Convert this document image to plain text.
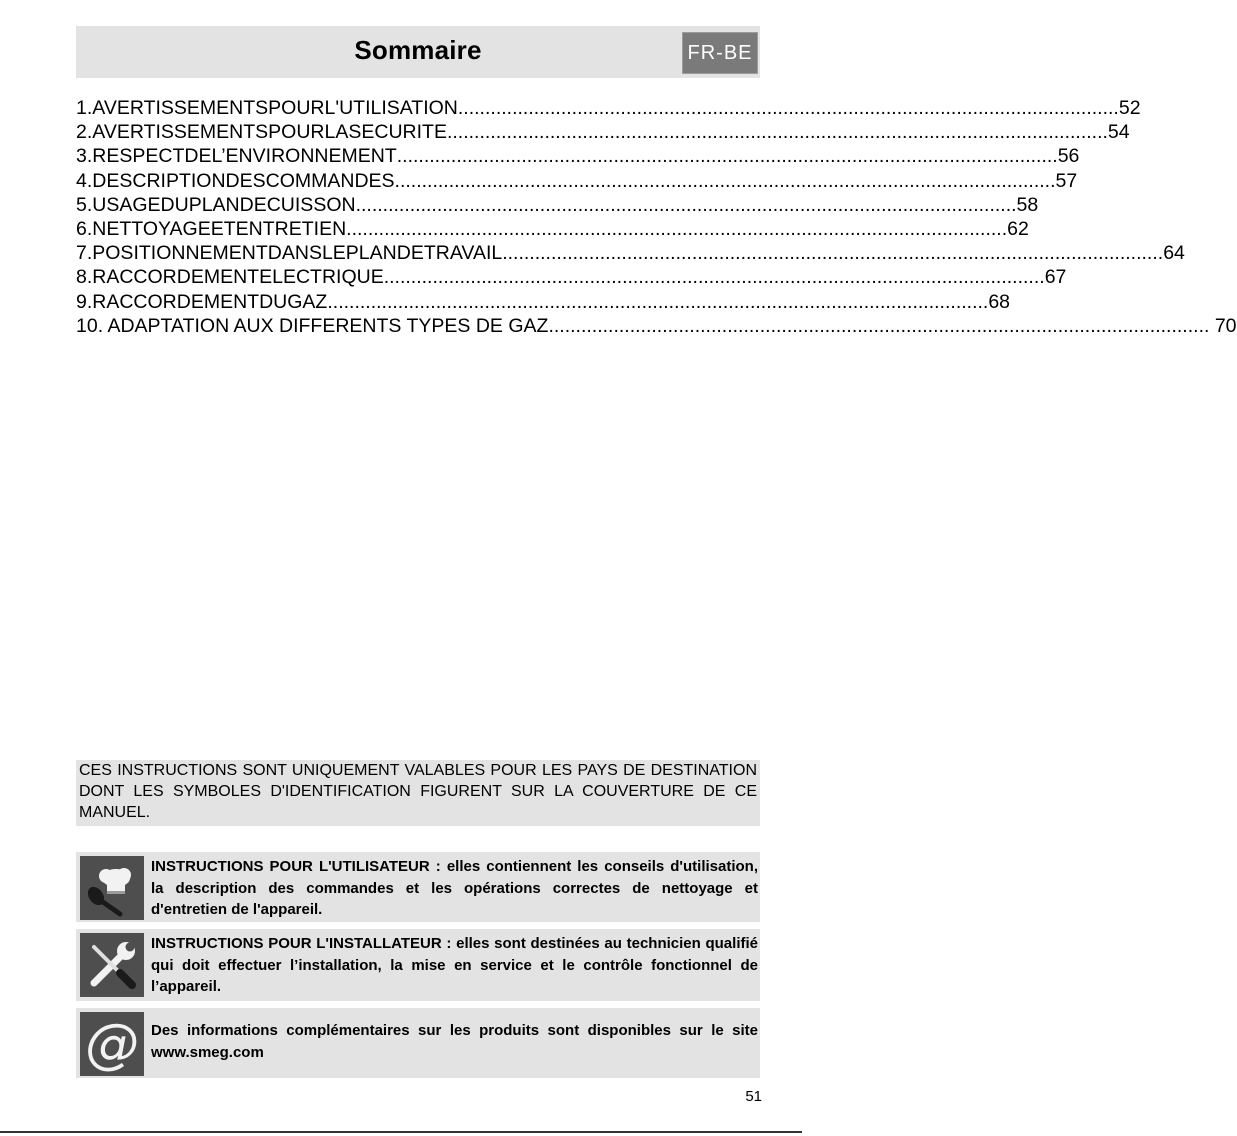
Sommaire	FR-BE
1.AVERTISSEMENTSPOURL'UTILISATION .......................................................................................................................... 52
2.AVERTISSEMENTSPOURLASECURITE .......................................................................................................................... 54
3.RESPECTDEL’ENVIRONNEMENT .......................................................................................................................... 56
4.DESCRIPTIONDESCOMMANDES .......................................................................................................................... 57
5.USAGEDUPLANDECUISSON .......................................................................................................................... 58
6.NETTOYAGEETENTRETIEN .......................................................................................................................... 62
7.POSITIONNEMENTDANSLEPLANDETRAVAIL .......................................................................................................................... 64
8.RACCORDEMENTELECTRIQUE .......................................................................................................................... 67
9.RACCORDEMENTDUGAZ .......................................................................................................................... 68
10. ADAPTATION AUX DIFFERENTS TYPES DE GAZ .......................................................................................................................... 70
CES INSTRUCTIONS SONT UNIQUEMENT VALABLES POUR LES PAYS DE DESTINATION DONT LES SYMBOLES D'IDENTIFICATION FIGURENT SUR LA COUVERTURE DE CE MANUEL.
INSTRUCTIONS POUR L'UTILISATEUR : elles contiennent les conseils d'utilisation, la description des commandes et les opérations correctes de nettoyage et d'entretien de l'appareil.
INSTRUCTIONS POUR L'INSTALLATEUR : elles sont destinées au technicien qualifié qui doit effectuer l’installation, la mise en service et le contrôle fonctionnel de l’appareil.
@ Des informations complémentaires sur les produits sont disponibles sur le site www.smeg.com
51
